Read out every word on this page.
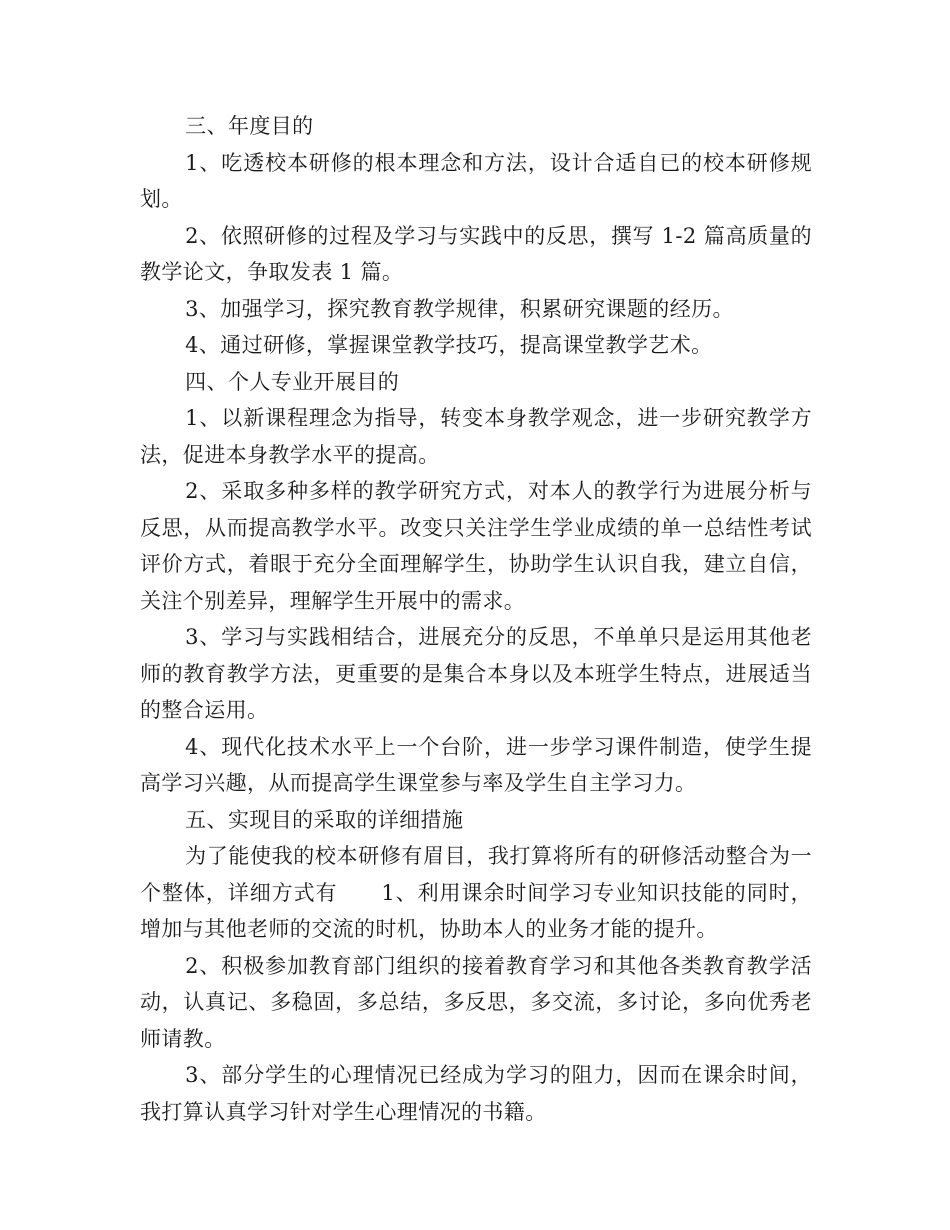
三、年度目的

1、吃透校本研修的根本理念和方法，设计合适自已的校本研修规划。

2、依照研修的过程及学习与实践中的反思，撰写 1-2 篇高质量的教学论文，争取发表 1 篇。

3、加强学习，探究教育教学规律，积累研究课题的经历。

4、通过研修，掌握课堂教学技巧，提高课堂教学艺术。

四、个人专业开展目的

1、以新课程理念为指导，转变本身教学观念，进一步研究教学方法，促进本身教学水平的提高。

2、采取多种多样的教学研究方式，对本人的教学行为进展分析与反思，从而提高教学水平。改变只关注学生学业成绩的单一总结性考试评价方式，着眼于充分全面理解学生，协助学生认识自我，建立自信，关注个别差异，理解学生开展中的需求。

3、学习与实践相结合，进展充分的反思，不单单只是运用其他老师的教育教学方法，更重要的是集合本身以及本班学生特点，进展适当的整合运用。

4、现代化技术水平上一个台阶，进一步学习课件制造，使学生提高学习兴趣，从而提高学生课堂参与率及学生自主学习力。

五、实现目的采取的详细措施

为了能使我的校本研修有眉目，我打算将所有的研修活动整合为一个整体，详细方式有　　1、利用课余时间学习专业知识技能的同时，增加与其他老师的交流的时机，协助本人的业务才能的提升。

2、积极参加教育部门组织的接着教育学习和其他各类教育教学活动，认真记、多稳固，多总结，多反思，多交流，多讨论，多向优秀老师请教。

3、部分学生的心理情况已经成为学习的阻力，因而在课余时间，我打算认真学习针对学生心理情况的书籍。
